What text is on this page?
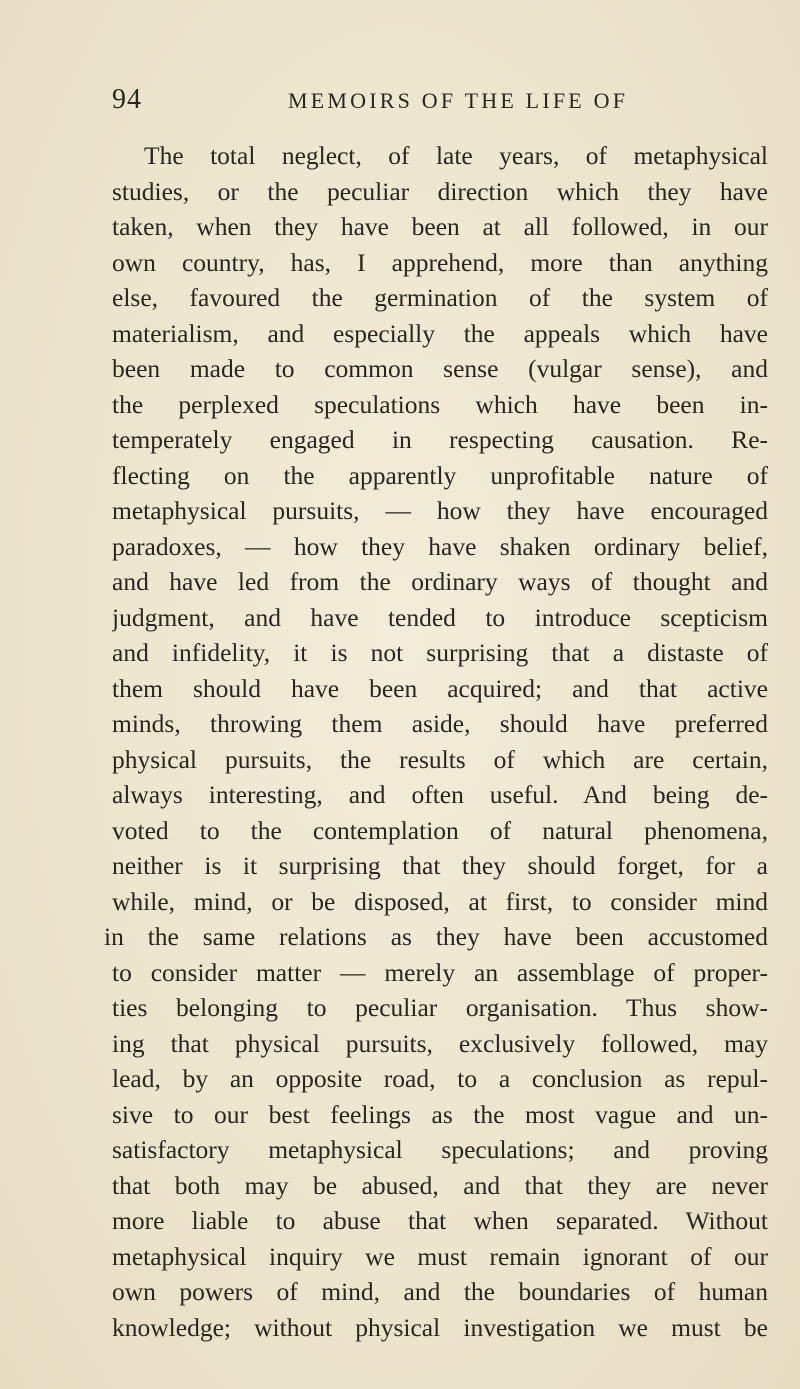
94	MEMOIRS OF THE LIFE OF
The total neglect, of late years, of metaphysical
studies, or the peculiar direction which they have
taken, when they have been at all followed, in our
own country, has, I apprehend, more than anything
else, favoured the germination of the system of
materialism, and especially the appeals which have
been made to common sense (vulgar sense), and
the perplexed speculations which have been in-
temperately engaged in respecting causation. Re-
flecting on the apparently unprofitable nature of
metaphysical pursuits, — how they have encouraged
paradoxes, — how they have shaken ordinary belief,
and have led from the ordinary ways of thought and
judgment, and have tended to introduce scepticism
and infidelity, it is not surprising that a distaste of
them should have been acquired; and that active
minds, throwing them aside, should have preferred
physical pursuits, the results of which are certain,
always interesting, and often useful. And being de-
voted to the contemplation of natural phenomena,
neither is it surprising that they should forget, for a
while, mind, or be disposed, at first, to consider mind
in the same relations as they have been accustomed
to consider matter — merely an assemblage of proper-
ties belonging to peculiar organisation. Thus show-
ing that physical pursuits, exclusively followed, may
lead, by an opposite road, to a conclusion as repul-
sive to our best feelings as the most vague and un-
satisfactory metaphysical speculations; and proving
that both may be abused, and that they are never
more liable to abuse that when separated. Without
metaphysical inquiry we must remain ignorant of our
own powers of mind, and the boundaries of human
knowledge; without physical investigation we must be
